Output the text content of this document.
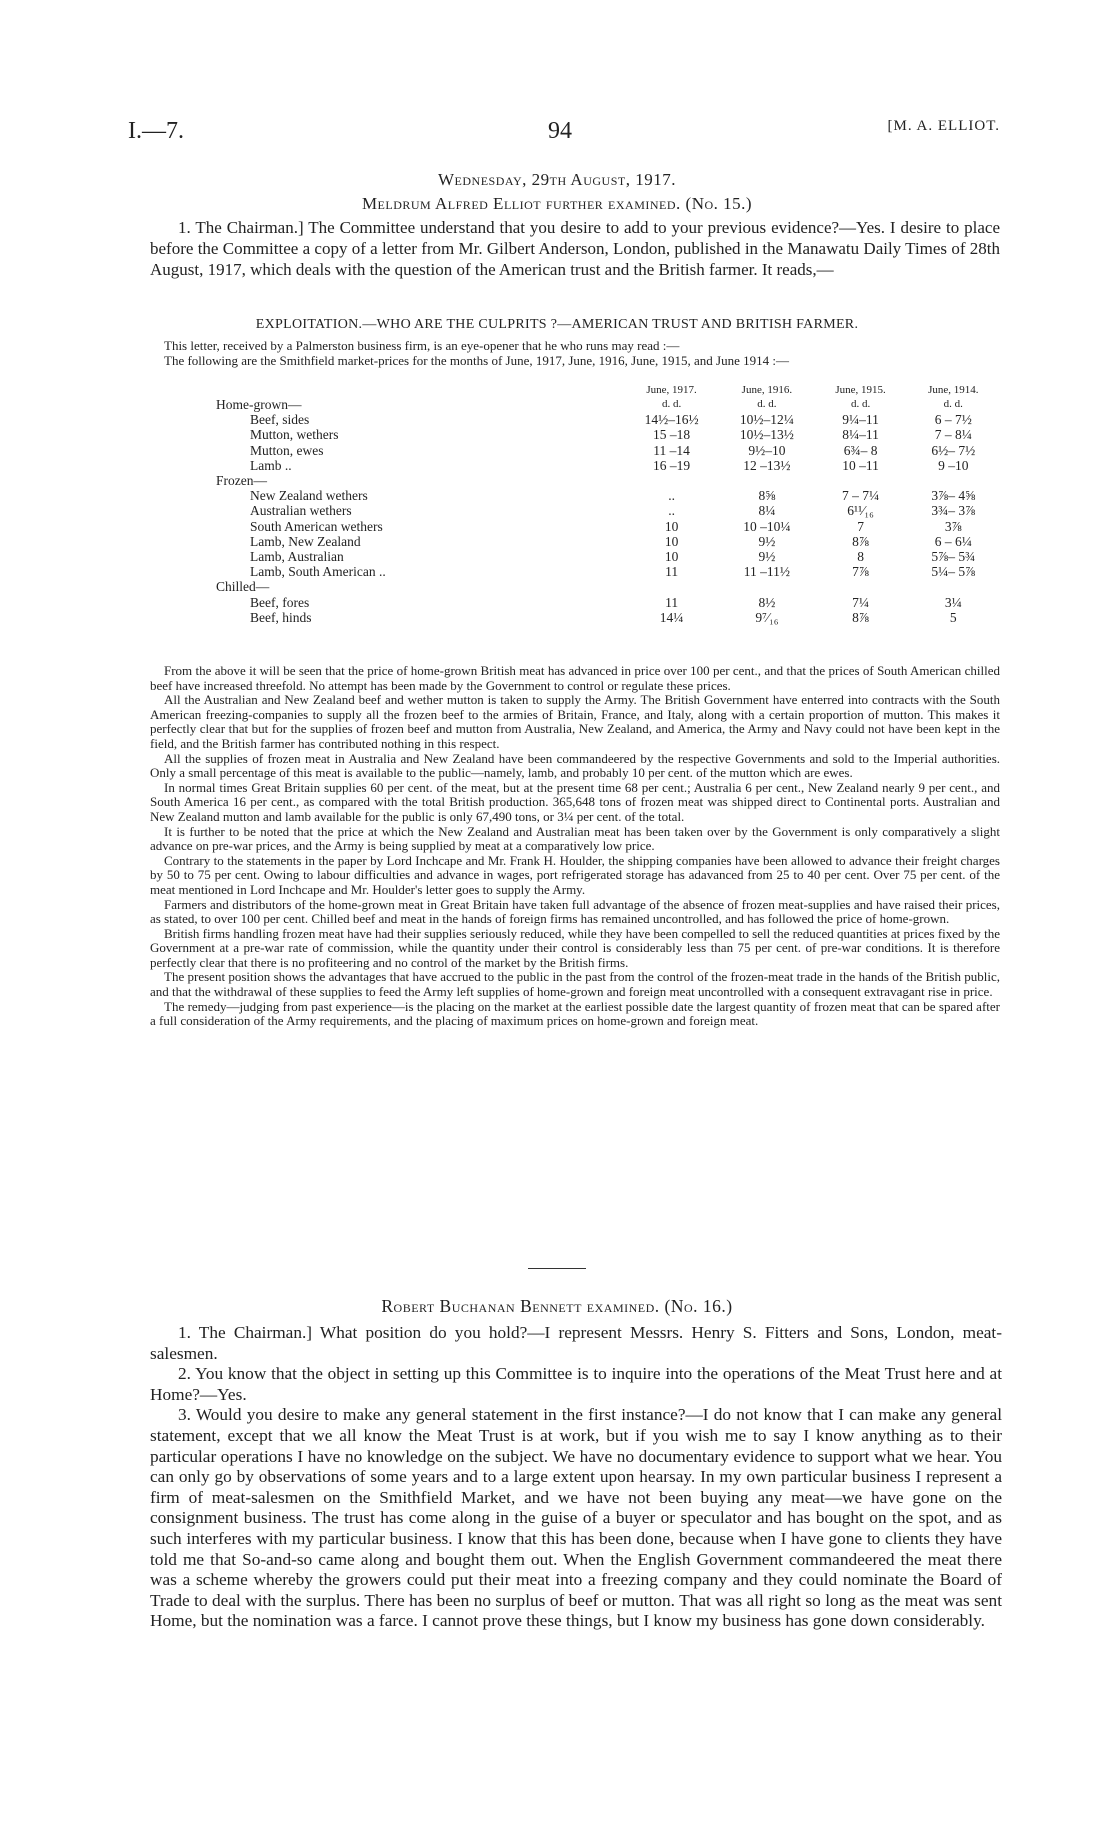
I.—7.	94	[M. A. ELLIOT.
Wednesday, 29th August, 1917.
Meldrum Alfred Elliot further examined. (No. 15.)
1. The Chairman.] The Committee understand that you desire to add to your previous evidence?—Yes. I desire to place before the Committee a copy of a letter from Mr. Gilbert Anderson, London, published in the Manawatu Daily Times of 28th August, 1917, which deals with the question of the American trust and the British farmer. It reads,—
EXPLOITATION.—WHO ARE THE CULPRITS ?—AMERICAN TRUST AND BRITISH FARMER.

This letter, received by a Palmerston business firm, is an eye-opener that he who runs may read :—

The following are the Smithfield market-prices for the months of June, 1917, June, 1916, June, 1915, and June 1914 :—

	June, 1917.	June, 1916.	June, 1915.	June, 1914.
Home-grown—	d. d.	d. d.	d. d.	d. d.
Beef, sides	14½–16½	10½–12¼	9¼–11	6 – 7½
Mutton, wethers	15 –18	10½–13½	8¼–11	7 – 8¼
Mutton, ewes	11 –14	9½–10	6¾– 8	6½– 7½
Lamb ..	16 –19	12 –13½	10 –11	9 –10
Frozen—				
New Zealand wethers	..	8⅝	7 – 7¼	3⅞– 4⅝
Australian wethers	..	8¼	6¹¹⁄₁₆	3¾– 3⅞
South American wethers	10	10 –10¼	7	3⅞
Lamb, New Zealand	10	9½	8⅞	6 – 6¼
Lamb, Australian	10	9½	8	5⅞– 5¾
Lamb, South American ..	11	11 –11½	7⅞	5¼– 5⅞
Chilled—				
Beef, fores	11	8½	7¼	3¼
Beef, hinds	14¼	9⁷⁄₁₆	8⅞	5

From the above it will be seen that the price of home-grown British meat has advanced in price over 100 per cent., and that the prices of South American chilled beef have increased threefold. No attempt has been made by the Government to control or regulate these prices.

All the Australian and New Zealand beef and wether mutton is taken to supply the Army. The British Government have enterred into contracts with the South American freezing-companies to supply all the frozen beef to the armies of Britain, France, and Italy, along with a certain proportion of mutton. This makes it perfectly clear that but for the supplies of frozen beef and mutton from Australia, New Zealand, and America, the Army and Navy could not have been kept in the field, and the British farmer has contributed nothing in this respect.

All the supplies of frozen meat in Australia and New Zealand have been commandeered by the respective Governments and sold to the Imperial authorities. Only a small percentage of this meat is available to the public—namely, lamb, and probably 10 per cent. of the mutton which are ewes.

In normal times Great Britain supplies 60 per cent. of the meat, but at the present time 68 per cent.; Australia 6 per cent., New Zealand nearly 9 per cent., and South America 16 per cent., as compared with the total British production. 365,648 tons of frozen meat was shipped direct to Continental ports. Australian and New Zealand mutton and lamb available for the public is only 67,490 tons, or 3¼ per cent. of the total.

It is further to be noted that the price at which the New Zealand and Australian meat has been taken over by the Government is only comparatively a slight advance on pre-war prices, and the Army is being supplied by meat at a comparatively low price.

Contrary to the statements in the paper by Lord Inchcape and Mr. Frank H. Houlder, the shipping companies have been allowed to advance their freight charges by 50 to 75 per cent. Owing to labour difficulties and advance in wages, port refrigerated storage has adavanced from 25 to 40 per cent. Over 75 per cent. of the meat mentioned in Lord Inchcape and Mr. Houlder's letter goes to supply the Army.

Farmers and distributors of the home-grown meat in Great Britain have taken full advantage of the absence of frozen meat-supplies and have raised their prices, as stated, to over 100 per cent. Chilled beef and meat in the hands of foreign firms has remained uncontrolled, and has followed the price of home-grown.

British firms handling frozen meat have had their supplies seriously reduced, while they have been compelled to sell the reduced quantities at prices fixed by the Government at a pre-war rate of commission, while the quantity under their control is considerably less than 75 per cent. of pre-war conditions. It is therefore perfectly clear that there is no profiteering and no control of the market by the British firms.

The present position shows the advantages that have accrued to the public in the past from the control of the frozen-meat trade in the hands of the British public, and that the withdrawal of these supplies to feed the Army left supplies of home-grown and foreign meat uncontrolled with a consequent extravagant rise in price.

The remedy—judging from past experience—is the placing on the market at the earliest possible date the largest quantity of frozen meat that can be spared after a full consideration of the Army requirements, and the placing of maximum prices on home-grown and foreign meat.

Robert Buchanan Bennett examined. (No. 16.)

1. The Chairman.] What position do you hold?—I represent Messrs. Henry S. Fitters and Sons, London, meat-salesmen.

2. You know that the object in setting up this Committee is to inquire into the operations of the Meat Trust here and at Home?—Yes.

3. Would you desire to make any general statement in the first instance?—I do not know that I can make any general statement, except that we all know the Meat Trust is at work, but if you wish me to say I know anything as to their particular operations I have no knowledge on the subject. We have no documentary evidence to support what we hear. You can only go by observations of some years and to a large extent upon hearsay. In my own particular business I represent a firm of meat-salesmen on the Smithfield Market, and we have not been buying any meat—we have gone on the consignment business. The trust has come along in the guise of a buyer or speculator and has bought on the spot, and as such interferes with my particular business. I know that this has been done, because when I have gone to clients they have told me that So-and-so came along and bought them out. When the English Government commandeered the meat there was a scheme whereby the growers could put their meat into a freezing company and they could nominate the Board of Trade to deal with the surplus. There has been no surplus of beef or mutton. That was all right so long as the meat was sent Home, but the nomination was a farce. I cannot prove these things, but I know my business has gone down considerably.
